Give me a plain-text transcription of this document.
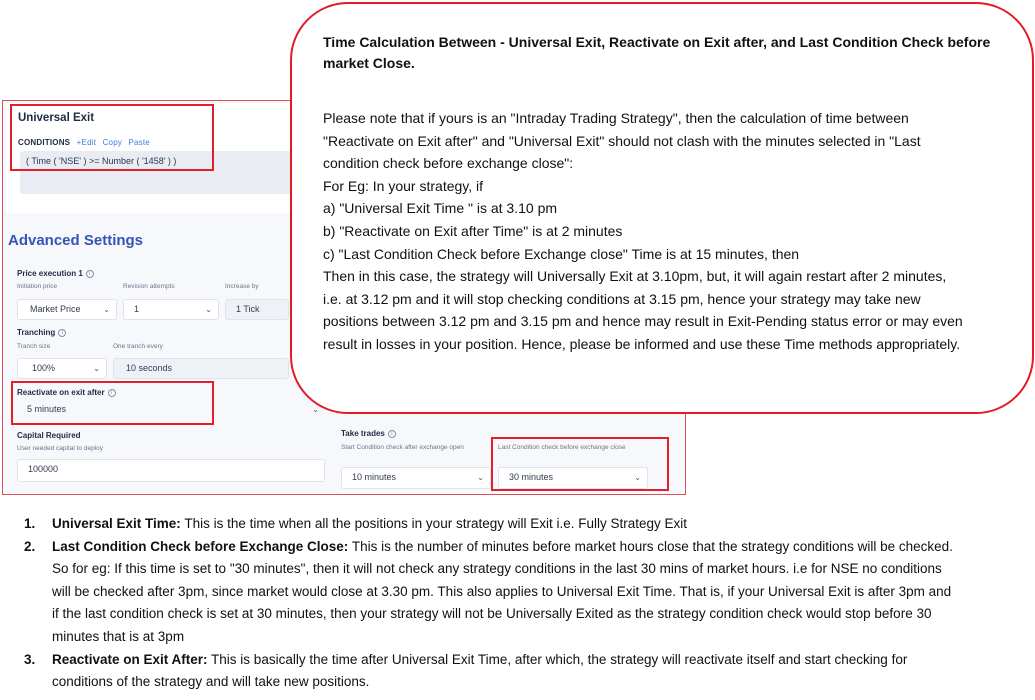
Universal Exit
CONDITIONS +Edit Copy Paste
( Time ( 'NSE' ) >= Number ( '1458' ) )
Advanced Settings
Price execution 1 i
Initiation price	Revision attempts	Increase by
Market Price	⌄	1	⌄	1 Tick
Tranching i
Tranch size	One tranch every
100%	⌄	10 seconds
Reactivate on exit after i
5 minutes	⌄
Capital Required
User needed capital to deploy
100000
Take trades i
Start Condition check after exchange open
10 minutes	⌄
Last Condition check before exchange close
30 minutes	⌄
Time Calculation Between - Universal Exit, Reactivate on Exit after, and Last Condition Check before market Close.

Please note that if yours is an "Intraday Trading Strategy", then the calculation of time between

"Reactivate on Exit after" and "Universal Exit" should not clash with the minutes selected in "Last

condition check before exchange close":

For Eg: In your strategy, if

a) "Universal Exit Time " is at 3.10 pm

b) "Reactivate on Exit after Time" is at 2 minutes

c) "Last Condition Check before Exchange close" Time is at 15 minutes, then

Then in this case, the strategy will Universally Exit at 3.10pm, but, it will again restart after 2 minutes,

i.e. at 3.12 pm and it will stop checking conditions at 3.15 pm, hence your strategy may take new

positions between 3.12 pm and 3.15 pm and hence may result in Exit-Pending status error or may even

result in losses in your position. Hence, please be informed and use these Time methods appropriately.

1. Universal Exit Time: This is the time when all the positions in your strategy will Exit i.e. Fully Strategy Exit
2. Last Condition Check before Exchange Close: This is the number of minutes before market hours close that the strategy conditions will be checked. So for eg: If this time is set to "30 minutes", then it will not check any strategy conditions in the last 30 mins of market hours. i.e for NSE no conditions will be checked after 3pm, since market would close at 3.30 pm. This also applies to Universal Exit Time. That is, if your Universal Exit is after 3pm and if the last condition check is set at 30 minutes, then your strategy will not be Universally Exited as the strategy condition check would stop before 30 minutes that is at 3pm
3. Reactivate on Exit After: This is basically the time after Universal Exit Time, after which, the strategy will reactivate itself and start checking for conditions of the strategy and will take new positions.
